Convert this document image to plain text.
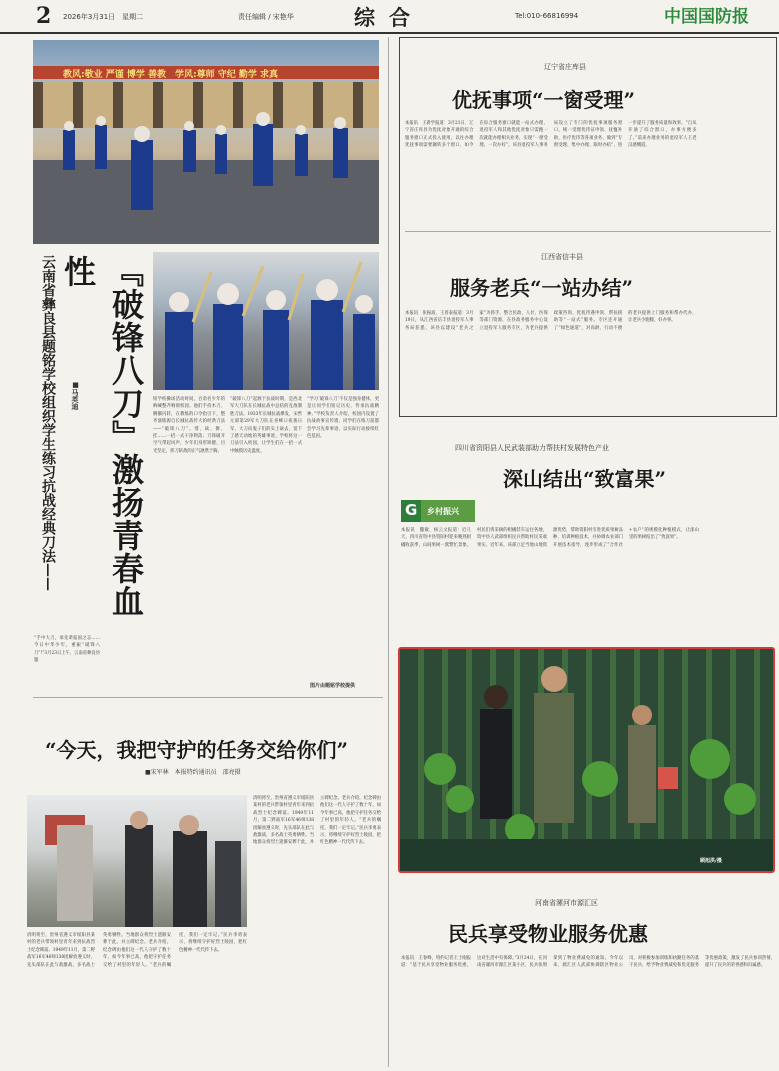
2 2026年3月31日　星期二	责任编辑 / 宋艳华	综合	Tel:010-66816994	中国国防报
教风:敬业 严谨 博学 善教　学风:尊师 守纪 勤学 求真
『破锋八刀』激扬青春血性
云南省彝良县题铭学校组织学生练习抗战经典刀法——	■马英迪
“手中大刀，承先辈报国之志……今日中华少年，重振“破锋八刀”!”3月23日上午，云南省彝良县题
铭学校操场活动时间，百余名少年的呐喊整齐响彻校园。他们手持木刀、腾挪闪转，在教练的口令指引下，整齐演练源自长城抗战传大的经典刀法——“破锋八刀”。劈、砍、撩、挂……一招一式干净利落；刀锋破开空气带起风声，少年们身形矫健，目光坚定，挥刀斩敌的正气凛然于胸。
“破锋八刀”起源于抗战时期，是西北军大刀队在长城抗战中总结的克敌制胜刀法。1933年长城抗战爆发，宋哲元部第29军大刀队在喜峰口夜袭日军，大刀向鬼子们的头上砍去，留下了感天动地的英雄事迹。学校将这一刀法引入校园，让学生们在一招一式中触摸历史温度。
“学习‘破锋八刀’不仅是强身健体，更是让同学们铭记历史、传承抗战精神。”学校负责人介绍，校园内设置了抗战故事宣传墙，同学们在练刀前都会学习先辈事迹，以实际行动接续红色基因。
图片由题铭学校提供
“今天，我把守护的任务交给你们”
■宋军林　本报特约通讯员　邵亮摄
清明将至，贵州省遵义市绥阳县某村的老兵带领村里青年来到抗战烈士纪念碑前。1949年11月，第二野战军16军46师138团解放遵义时，先头部队在此与敌激战，多名战士英勇牺牲。当地群众将烈士遗骸安葬于此，并立碑纪念。老兵介绍，纪念碑由他们这一代人守护了数十年，如今年事已高，他把守护任务交给了村里的年轻人。“老兵的嘱托，我们一定牢记。”民兵李勇表示，将继续守护好烈士陵园，把红色精神一代代传下去。
清明将至，贵州省遵义市绥阳县某村的老兵带领村里青年来到抗战烈士纪念碑前。1949年11月，第二野战军16军46师138团解放遵义时，先头部队在此与敌激战，多名战士英勇牺牲。当地群众将烈士遗骸安葬于此，并立碑纪念。老兵介绍，纪念碑由他们这一代人守护了数十年，如今年事已高，他把守护任务交给了村里的年轻人。“老兵的嘱托，我们一定牢记。”民兵李勇表示，将继续守护好烈士陵园，把红色精神一代代传下去。
辽宁省庄库县
优抚事项“一窗受理”
本报讯　王新学报道：3月21日，辽宁省庄库县为优抚对象开通的综合服务窗口正式投入使用。以往办理优抚事项需要辗转多个窗口，如今在综合服务窗口就能一站式办理，退役军人和其他优抚对象只需跑一次就能办理相关业务，实现“一窗受理、一次办好”。该县退役军人事务局设立了专门的优抚事项服务窗口，统一受理优待证申领、抚恤补助、医疗优待等各项业务，做到“专窗受理、集中办理、限时办结”，进一步提升了服务质量和效率。“自从开通了综合窗口，办事方便多了。”前来办理业务的退役军人王老汉感慨道。
江西省信丰县
服务老兵“一站办结”
本报讯　张振波、王普泰报道：3月19日，从江西省信丰县退役军人事务局获悉，该县以建设“老兵之家”为抓手，整合民政、人社、医保等部门资源，在县政务服务中心设立退役军人服务专区，为老兵提供政策咨询、优抚待遇申领、帮扶援助等“一站式”服务。专区还开通了“绿色通道”，对高龄、行动不便的老兵提供上门服务和帮办代办，让老兵少跑腿、好办事。
四川省资阳县人民武装部助力帮扶村发展特色产业
深山结出“致富果”
G 乡村振兴
本报讯　魏敏、杨云文报道：近几天，四川省资中县资阳村迎来晚熟柑橘收获季，山间果树一派繁忙景象。村民们将采摘的柑橘装车运往各地，资中县人武部组织民兵帮助村民采收果实。近年来，该部立足当地山地资源优势，帮助资阳村引进优质果树品种、培训种植技术，并协调农业部门开展技术指导，逐步形成了“合作社+农户”的规模化种植模式，让深山里的果树结出了“致富果”。
3月下旬，新疆和田县人武部组织民兵走进帮扶村温室大棚开展助农活动，图为民兵帮助村民搭建西瓜藤架。
顾旭洪/摄
河南省漯河市源汇区
民兵享受物业服务优惠
本报讯　王春峰、特约记者王士刚报道：“基于民兵享受物业服务优惠，这对生活中有保障。”3月24日，在河南省漯河市源汇区某小区，民兵张明拿到了物业费减免的通知。今年以来，源汇区人武部协调辖区物业公司，对积极参加训练和执勤任务的基干民兵，给予物业费减免和优先服务等优惠政策，激发了民兵参训热情，提升了民兵的荣誉感和归属感。
